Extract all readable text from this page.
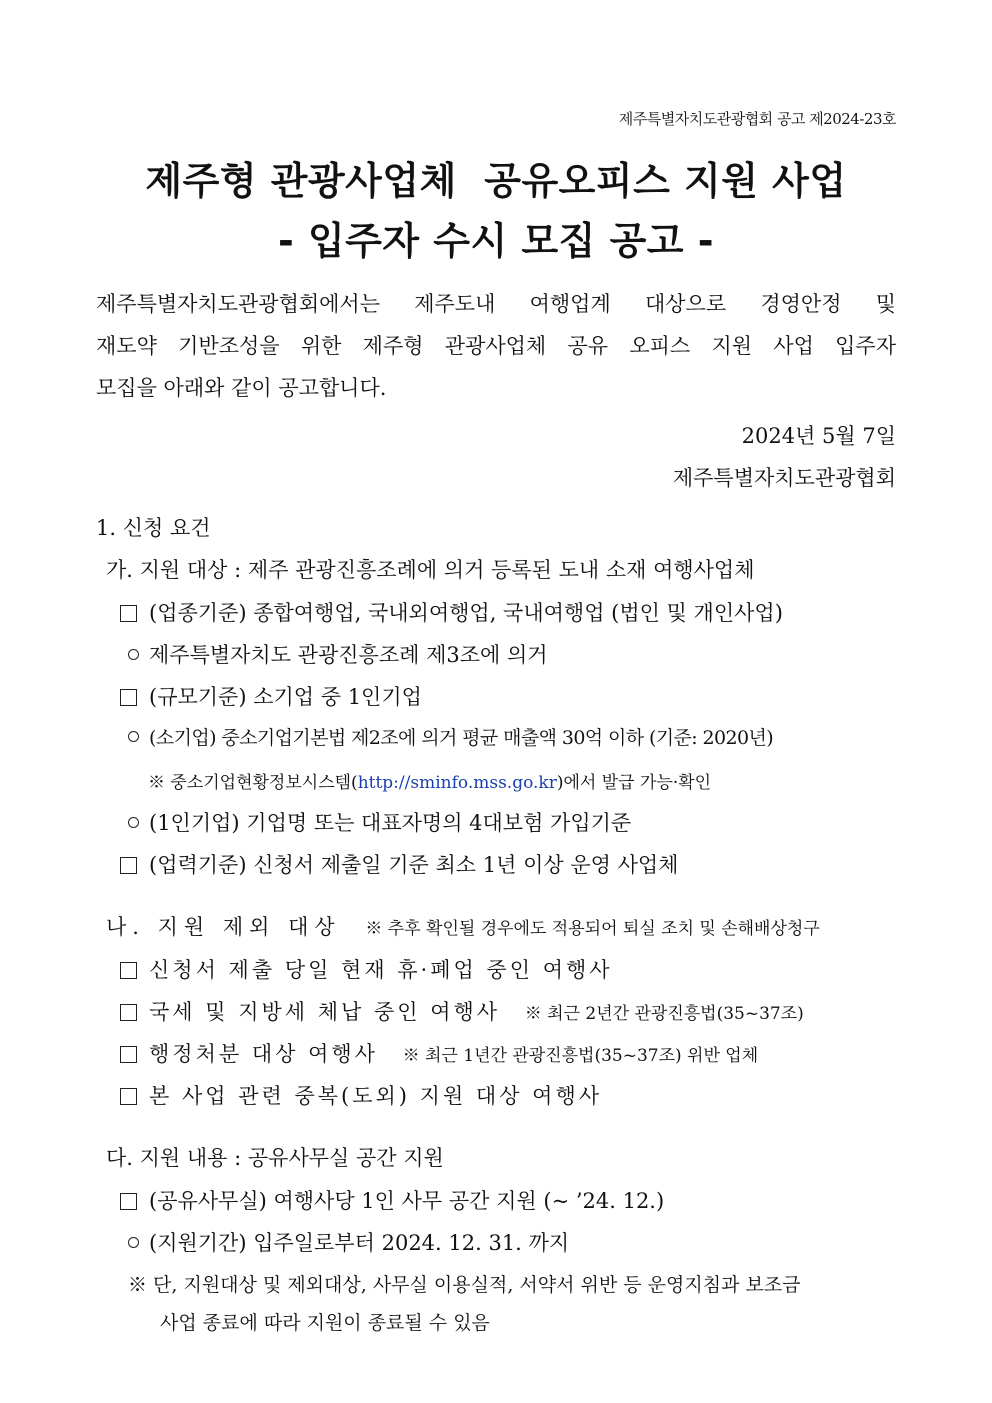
제주특별자치도관광협회 공고 제2024-23호
제주형 관광사업체  공유오피스 지원 사업
- 입주자 수시 모집 공고 -
제주특별자치도관광협회에서는 제주도내 여행업계 대상으로 경영안정 및
재도약 기반조성을 위한 제주형 관광사업체 공유 오피스 지원 사업 입주자
모집을 아래와 같이 공고합니다.
2024년 5월 7일
제주특별자치도관광협회
1. 신청 요건
가. 지원 대상 : 제주 관광진흥조례에 의거 등록된 도내 소재 여행사업체
(업종기준) 종합여행업, 국내외여행업, 국내여행업 (법인 및 개인사업)
제주특별자치도 관광진흥조례 제3조에 의거
(규모기준) 소기업 중 1인기업
(소기업) 중소기업기본법 제2조에 의거 평균 매출액 30억 이하 (기준: 2020년)
※ 중소기업현황정보시스템(http://sminfo.mss.go.kr)에서 발급 가능·확인
(1인기업) 기업명 또는 대표자명의 4대보험 가입기준
(업력기준) 신청서 제출일 기준 최소 1년 이상 운영 사업체
나. 지원 제외 대상 ※ 추후 확인될 경우에도 적용되어 퇴실 조치 및 손해배상청구
신청서 제출 당일 현재 휴·폐업 중인 여행사
국세 및 지방세 체납 중인 여행사 ※ 최근 2년간 관광진흥법(35~37조)
행정처분 대상 여행사 ※ 최근 1년간 관광진흥법(35~37조) 위반 업체
본 사업 관련 중복(도외) 지원 대상 여행사
다. 지원 내용 : 공유사무실 공간 지원
(공유사무실) 여행사당 1인 사무 공간 지원 (~ ’24. 12.)
(지원기간) 입주일로부터 2024. 12. 31. 까지
※ 단, 지원대상 및 제외대상, 사무실 이용실적, 서약서 위반 등 운영지침과 보조금
사업 종료에 따라 지원이 종료될 수 있음
